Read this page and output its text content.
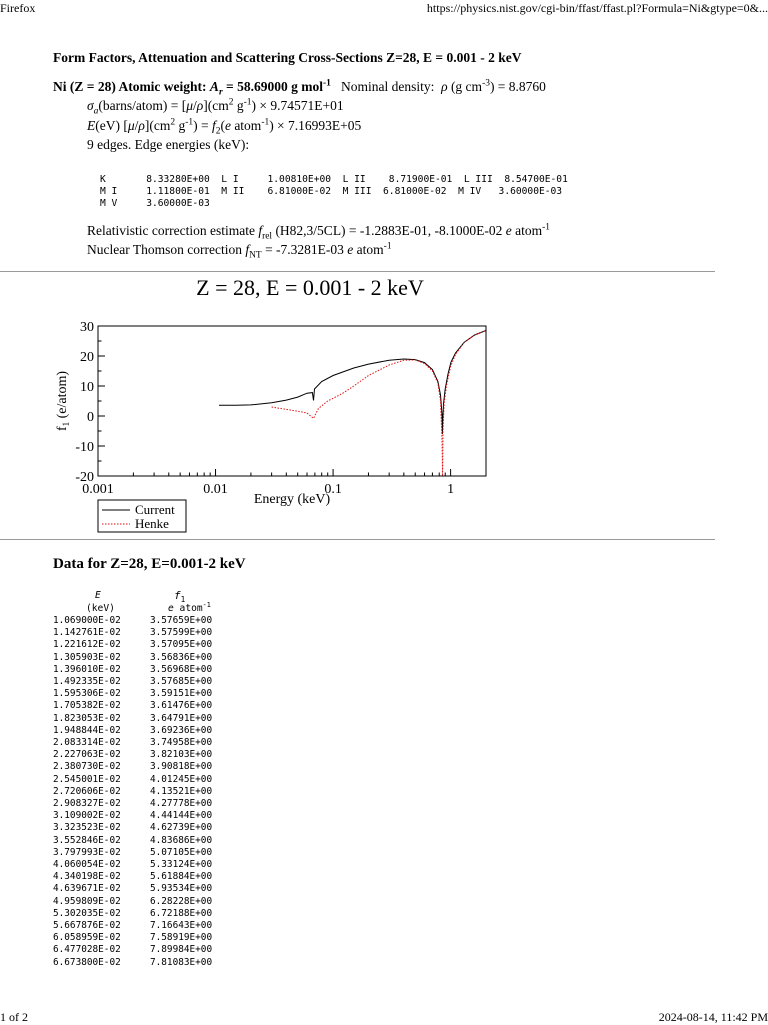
Firefox	https://physics.nist.gov/cgi-bin/ffast/ffast.pl?Formula=Ni&gtype=0&...
Form Factors, Attenuation and Scattering Cross-Sections Z=28, E = 0.001 - 2 keV
Ni (Z = 28) Atomic weight: $A_r = 58.69000$ g mol$^{-1}$ Nominal density:  ρ (g $cm^{-3}) = 8.8760$
$\sigma_a(barns/atom) = [\mu/\rho](cm^2$ $g^{-1}) \times 9.74571E+01$
E(eV) $[\mu/\rho](cm^2$ $g^{-1}) = f_2(e$ atom$^{-1}$) × 7.16993E+05
9 edges. Edge energies (keV):
K       8.33280E+00  L I     1.00810E+00  L II    8.71900E-01  L III  8.54700E-01
M I     1.11800E-01  M II    6.81000E-02  M III  6.81000E-02  M IV   3.60000E-03
M V     3.60000E-03
Relativistic correction estimate $f_{rel}$ (H82,3/5CL) = -1.2883E-01, -8.1000E-02 e atom$^{-1}$
Nuclear Thomson correction $f_{NT} = -7.3281E-03$ e atom$^{-1}$
Z = 28, E = 0.001 - 2 keV
0.001	0.01	0.1	1
30
20
10
0
-10
-20
Energy (keV)
$f_1$ (e/atom)
Current
Henke
Data for Z=28, E=0.001-2 keV
E
(keV)
$f_1$
e atom$^{-1}$
1.069000E-02	3.57659E+00
1.142761E-02	3.57599E+00
1.221612E-02	3.57095E+00
1.305903E-02	3.56836E+00
1.396010E-02	3.56968E+00
1.492335E-02	3.57685E+00
1.595306E-02	3.59151E+00
1.705382E-02	3.61476E+00
1.823053E-02	3.64791E+00
1.948844E-02	3.69236E+00
2.083314E-02	3.74958E+00
2.227063E-02	3.82103E+00
2.380730E-02	3.90818E+00
2.545001E-02	4.01245E+00
2.720606E-02	4.13521E+00
2.908327E-02	4.27778E+00
3.109002E-02	4.44144E+00
3.323523E-02	4.62739E+00
3.552846E-02	4.83686E+00
3.797993E-02	5.07105E+00
4.060054E-02	5.33124E+00
4.340198E-02	5.61884E+00
4.639671E-02	5.93534E+00
4.959809E-02	6.28228E+00
5.302035E-02	6.72188E+00
5.667876E-02	7.16643E+00
6.058959E-02	7.58919E+00
6.477028E-02	7.89984E+00
6.673800E-02	7.81083E+00
1 of 2	2024-08-14, 11:42 PM
